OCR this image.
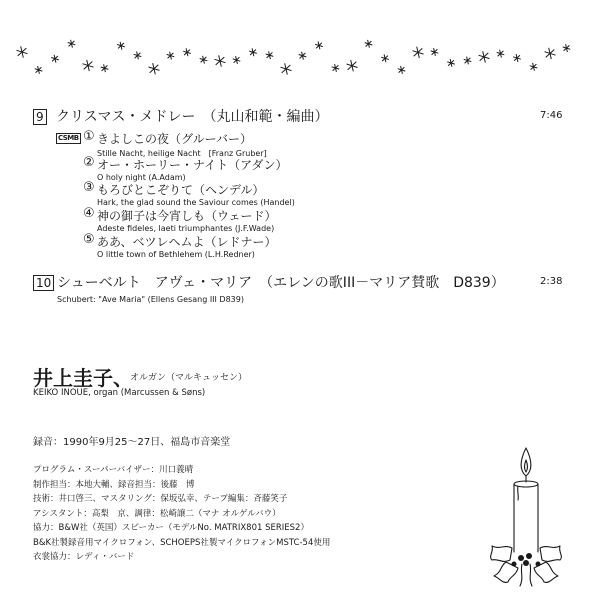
9 クリスマス・メドレー　（丸山和範・編曲）	7:46
CSMB ① きよしこの夜（グルーバー）
Stille Nacht, heilige Nacht　[Franz Gruber]
② オー・ホーリー・ナイト（アダン）
O holy night (A.Adam)
③ もろびとこぞりて（ヘンデル）
Hark, the glad sound the Saviour comes (Handel)
④ 神の御子は今宵しも（ウェード）
Adeste fideles, laeti triumphantes (J.F.Wade)
⑤ ああ、ベツレヘムよ（レドナー）
O little town of Bethlehem (L.H.Redner)
10 シューベルト　アヴェ・マリア　（エレンの歌III－マリア賛歌　D839）	2:38
Schubert: "Ave Maria" (Ellens Gesang III D839)
井上圭子、
オルガン（マルキュッセン）
KEIKO INOUE, organ (Marcussen & Søns)
録音：1990年9月25〜27日、福島市音楽堂
プログラム・スーパーバイザー：川口義晴
制作担当：本地大輔、録音担当：後藤　博
技術：井口啓三、マスタリング：保坂弘幸、テープ編集：斉藤笑子
アシスタント：高梨　京、調律：松崎譲二（マナ オルゲルバウ）
協力：B&W社（英国）スピーカー（モデルNo. MATRIX801 SERIES2）
B&K社製録音用マイクロフォン、SCHOEPS社製マイクロフォンMSTC-54使用
衣裳協力：レディ・バード
